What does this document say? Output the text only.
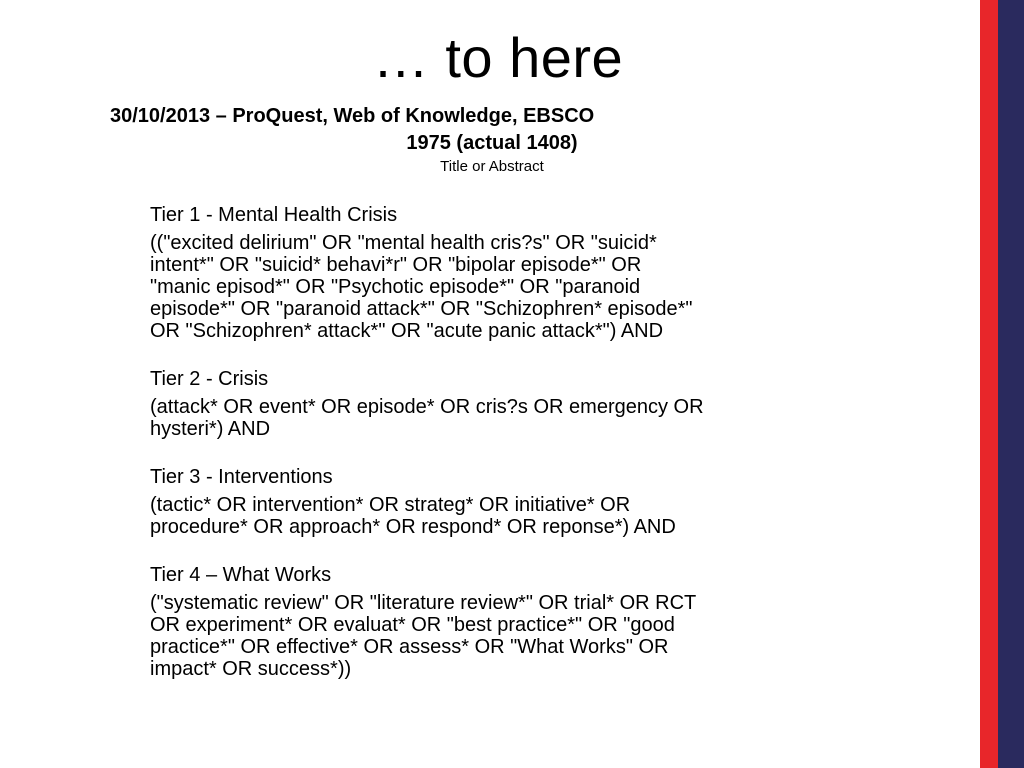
… to here

30/10/2013 – ProQuest, Web of Knowledge, EBSCO

1975 (actual 1408)

Title or Abstract

Tier 1 - Mental Health Crisis

(("excited delirium" OR "mental health cris?s" OR "suicid*
intent*" OR "suicid* behavi*r" OR "bipolar episode*" OR
"manic episod*" OR "Psychotic episode*" OR "paranoid
episode*" OR "paranoid attack*" OR "Schizophren* episode*"
OR "Schizophren* attack*" OR "acute panic attack*") AND

Tier 2 - Crisis

(attack* OR event* OR episode* OR cris?s OR emergency OR
hysteri*) AND

Tier 3 - Interventions

(tactic* OR intervention* OR strateg* OR initiative* OR
procedure* OR approach* OR respond* OR reponse*) AND

Tier 4 – What Works

("systematic review" OR "literature review*" OR trial* OR RCT
OR experiment* OR evaluat* OR "best practice*" OR "good
practice*" OR effective* OR assess* OR "What Works" OR
impact* OR success*))
